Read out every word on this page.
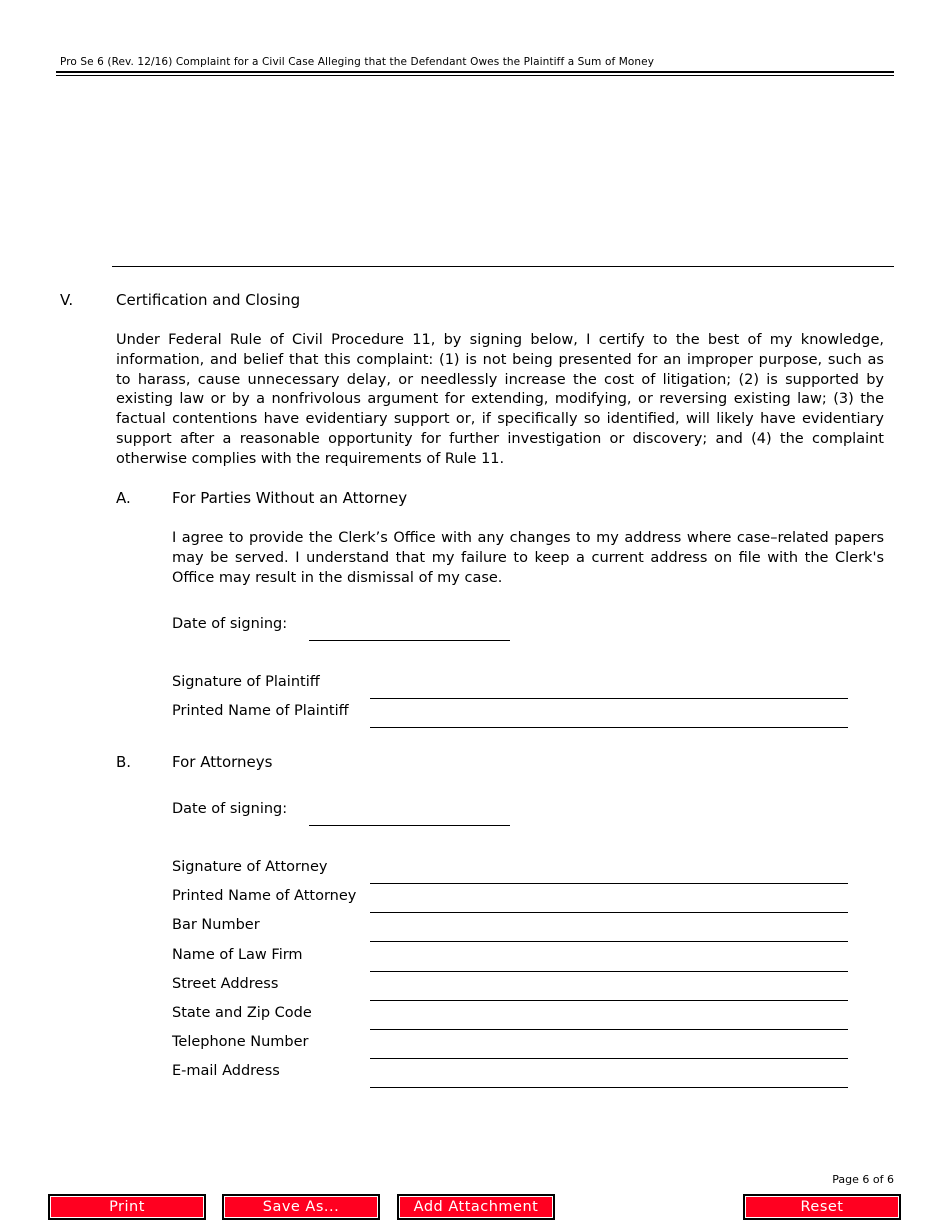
Pro Se 6 (Rev. 12/16) Complaint for a Civil Case Alleging that the Defendant Owes the Plaintiff a Sum of Money
V.	Certification and Closing
Under Federal Rule of Civil Procedure 11, by signing below, I certify to the best of my knowledge, information, and belief that this complaint: (1) is not being presented for an improper purpose, such as to harass, cause unnecessary delay, or needlessly increase the cost of litigation; (2) is supported by existing law or by a nonfrivolous argument for extending, modifying, or reversing existing law; (3) the factual contentions have evidentiary support or, if specifically so identified, will likely have evidentiary support after a reasonable opportunity for further investigation or discovery; and (4) the complaint otherwise complies with the requirements of Rule 11.
A.	For Parties Without an Attorney
I agree to provide the Clerk’s Office with any changes to my address where case–related papers may be served. I understand that my failure to keep a current address on file with the Clerk's Office may result in the dismissal of my case.
Date of signing:
Signature of Plaintiff
Printed Name of Plaintiff
B.	For Attorneys
Date of signing:
Signature of Attorney
Printed Name of Attorney
Bar Number
Name of Law Firm
Street Address
State and Zip Code
Telephone Number
E-mail Address
Page 6 of 6
Print	Save As...	Add Attachment	Reset
